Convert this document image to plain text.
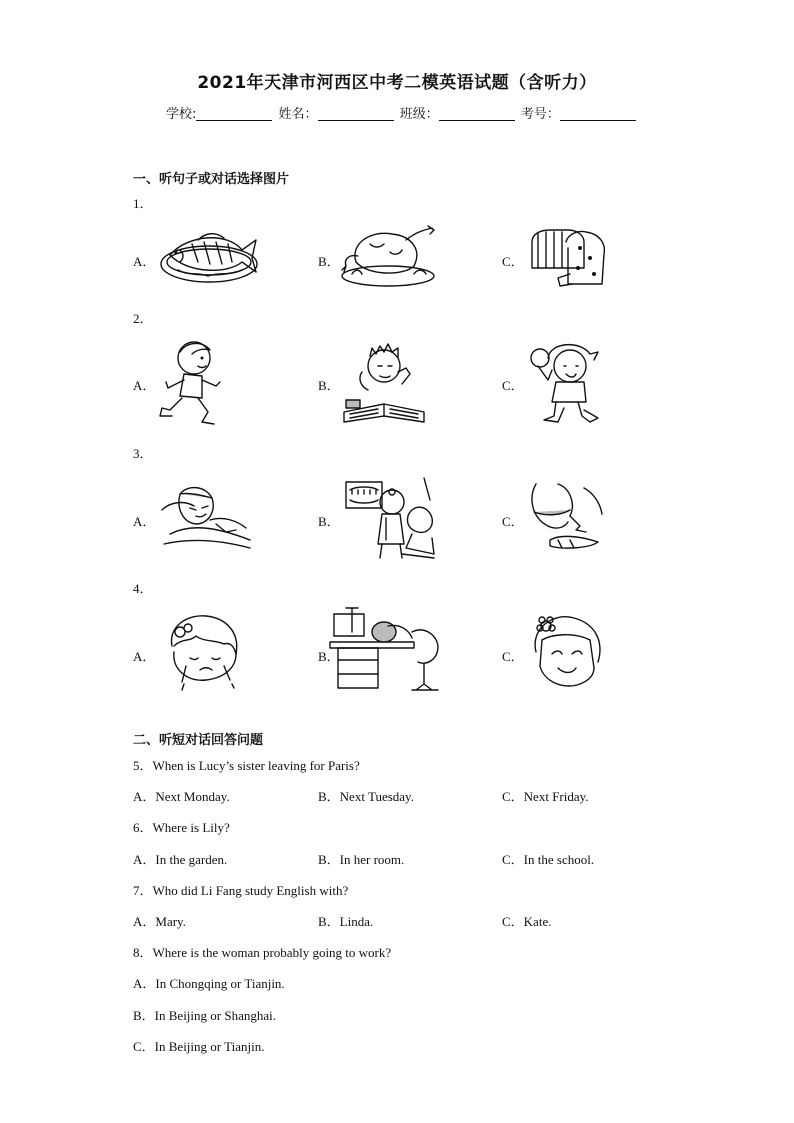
2021年天津市河西区中考二模英语试题（含听力）
学校:	姓名：	班级：	考号：
一、听句子或对话选择图片
1．
A．	B．	C．
2．
A．	B．	C．
3．
A．	B．	C．
4．
A．	B．	C．
二、听短对话回答问题
5．When is Lucy’s sister leaving for Paris?
A．Next Monday.	B．Next Tuesday.	C．Next Friday.
6．Where is Lily?
A．In the garden.	B．In her room.	C．In the school.
7．Who did Li Fang study English with?
A．Mary.	B．Linda.	C．Kate.
8．Where is the woman probably going to work?
A．In Chongqing or Tianjin.
B．In Beijing or Shanghai.
C．In Beijing or Tianjin.
